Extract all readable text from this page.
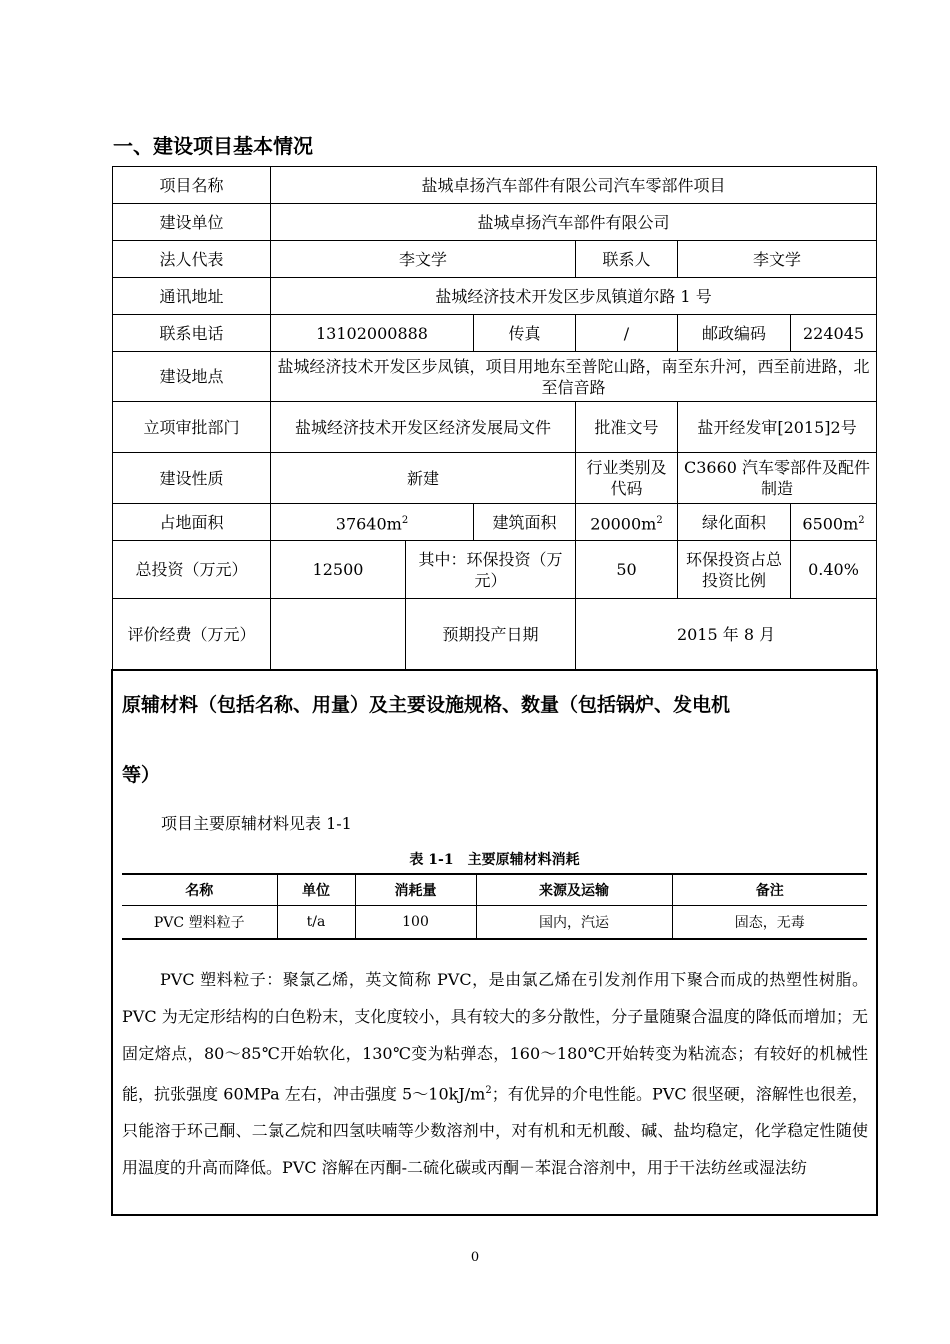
一、建设项目基本情况
项目名称	盐城卓扬汽车部件有限公司汽车零部件项目					
建设单位	盐城卓扬汽车部件有限公司					
法人代表	李文学			联系人	李文学	
通讯地址	盐城经济技术开发区步凤镇道尔路 1 号					
联系电话	13102000888		传真	/	邮政编码	224045
建设地点	盐城经济技术开发区步凤镇，项目用地东至普陀山路，南至东升河，西至前进路，北至信音路					
立项审批部门	盐城经济技术开发区经济发展局文件			批准文号	盐开经发审[2015]2号	
建设性质	新建			行业类别及代码	C3660 汽车零部件及配件制造	
占地面积	$37640m^2$		建筑面积	$20000m^2$	绿化面积	$6500m^2$
总投资（万元）	12500	其中：环保投资（万元）		50	环保投资占总投资比例	0.40%
评价经费（万元）		预期投产日期		2015 年 8 月		
原辅材料（包括名称、用量）及主要设施规格、数量（包括锅炉、发电机
等）
项目主要原辅材料见表 1-1
表 1-1　主要原辅材料消耗
名称	单位	消耗量	来源及运输	备注
PVC 塑料粒子	t/a	100	国内，汽运	固态，无毒
PVC 塑料粒子：聚氯乙烯，英文简称 PVC，是由氯乙烯在引发剂作用下聚合而成的热塑性树脂。PVC 为无定形结构的白色粉末，支化度较小，具有较大的多分散性，分子量随聚合温度的降低而增加；无固定熔点，80～85℃开始软化，130℃变为粘弹态，160～180℃开始转变为粘流态；有较好的机械性能，抗张强度 60MPa 左右，冲击强度 $5\sim 10kJ/m^2$；有优异的介电性能。PVC 很坚硬，溶解性也很差，只能溶于环己酮、二氯乙烷和四氢呋喃等少数溶剂中，对有机和无机酸、碱、盐均稳定，化学稳定性随使用温度的升高而降低。PVC 溶解在丙酮-二硫化碳或丙酮－苯混合溶剂中，用于干法纺丝或湿法纺
0
